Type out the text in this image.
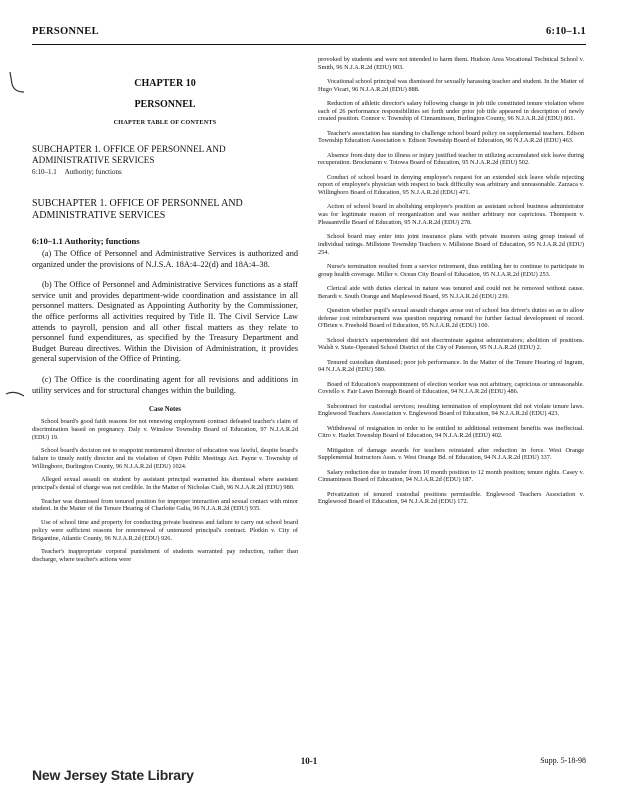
PERSONNEL	6:10–1.1
CHAPTER 10
PERSONNEL
CHAPTER TABLE OF CONTENTS
SUBCHAPTER 1. OFFICE OF PERSONNEL AND ADMINISTRATIVE SERVICES
6:10–1.1 Authority; functions
SUBCHAPTER 1. OFFICE OF PERSONNEL AND ADMINISTRATIVE SERVICES
6:10–1.1 Authority; functions

(a) The Office of Personnel and Administrative Services is authorized and organized under the provisions of N.J.S.A. 18A:4–22(d) and 18A:4–38.

(b) The Office of Personnel and Administrative Services functions as a staff service unit and provides department-wide coordination and assistance in all personnel matters. Designated as Appointing Authority by the Commissioner, the office performs all activities required by Title II. The Civil Service Law attends to payroll, pension and all other fiscal matters as they relate to personnel fund expenditures, as specified by the Treasury Department and Budget Bureau directives. Within the Division of Administration, it provides general supervision of the Office of Printing.

(c) The Office is the coordinating agent for all revisions and additions in utility services and for structural changes within the building.

Case Notes

School board's good faith reasons for not renewing employment contract defeated teacher's claim of discrimination based on pregnancy. Daly v. Winslow Township Board of Education, 97 N.J.A.R.2d (EDU) 19.

School board's decision not to reappoint nontenured director of education was lawful, despite board's failure to timely notify director and its violation of Open Public Meetings Act. Payne v. Township of Willingboro, Burlington County, 96 N.J.A.R.2d (EDU) 1024.

Alleged sexual assault on student by assistant principal warranted his dismissal where assistant principal's denial of charge was not credible. In the Matter of Nicholas Ciafi, 96 N.J.A.R.2d (EDU) 980.

Teacher was dismissed from tenured position for improper interaction and sexual contact with minor student. In the Matter of the Tenure Hearing of Charlotte Galia, 96 N.J.A.R.2d (EDU) 935.

Use of school time and property for conducting private business and failure to carry out school board policy were sufficient reasons for nonrenewal of untenured principal's contract. Plotkin v. City of Brigantine, Atlantic County, 96 N.J.A.R.2d (EDU) 926.

Teacher's inappropriate corporal punishment of students warranted pay reduction, rather than discharge, where teacher's actions were

provoked by students and were not intended to harm them. Hudson Area Vocational Technical School v. Smith, 96 N.J.A.R.2d (EDU) 903.

Vocational school principal was dismissed for sexually harassing teacher and student. In the Matter of Hugo Vicari, 96 N.J.A.R.2d (EDU) 888.

Reduction of athletic director's salary following change in job title constituted tenure violation where each of 26 performance responsibilities set forth under prior job title appeared in description of newly created position. Connor v. Township of Cinnaminson, Burlington County, 96 N.J.A.R.2d (EDU) 861.

Teacher's association has standing to challenge school board policy on supplemental teachers. Edison Township Education Association v. Edison Township Board of Education, 96 N.J.A.R.2d (EDU) 463.

Absence from duty due to illness or injury justified teacher in utilizing accumulated sick leave during recuperation. Brockmann v. Totowa Board of Education, 95 N.J.A.R.2d (EDU) 502.

Conduct of school board in denying employee's request for an extended sick leave while rejecting report of employee's physician with respect to back difficulty was arbitrary and unreasonable. Zarzaca v. Willingboro Board of Education, 95 N.J.A.R.2d (EDU) 471.

Action of school board in abolishing employee's position as assistant school business administrator was for legitimate reason of reorganization and was neither arbitrary nor capricious. Thompson v. Pleasantville Board of Education, 95 N.J.A.R.2d (EDU) 278.

School board may enter into joint insurance plans with private insurers using group instead of individual ratings. Millstone Township Teachers v. Millstone Board of Education, 95 N.J.A.R.2d (EDU) 254.

Nurse's termination resulted from a service retirement, thus entitling her to continue to participate in group health coverage. Miller v. Ocean City Board of Education, 95 N.J.A.R.2d (EDU) 253.

Clerical aide with duties clerical in nature was tenured and could not be removed without cause. Berardi v. South Orange and Maplewood Board, 95 N.J.A.R.2d (EDU) 239.

Question whether pupil's sexual assault charges arose out of school bus driver's duties so as to allow defense cost reimbursement was question requiring remand for further factual development of record. O'Brien v. Freehold Board of Education, 95 N.J.A.R.2d (EDU) 100.

School district's superintendent did not discriminate against administrators; abolition of positions. Walsh v. State-Operated School District of the City of Paterson, 95 N.J.A.R.2d (EDU) 2.

Tenured custodian dismissed; poor job performance. In the Matter of the Tenure Hearing of Ingram, 94 N.J.A.R.2d (EDU) 580.

Board of Education's reappointment of election worker was not arbitrary, capricious or unreasonable. Coviello v. Fair Lawn Borough Board of Education, 94 N.J.A.R.2d (EDU) 486.

Subcontract for custodial services; resulting termination of employment did not violate tenure laws. Englewood Teachers Association v. Englewood Board of Education, 94 N.J.A.R.2d (EDU) 423.

Withdrawal of resignation in order to be entitled to additional retirement benefits was ineffectual. Citro v. Hazlet Township Board of Education, 94 N.J.A.R.2d (EDU) 402.

Mitigation of damage awards for teachers reinstated after reduction in force. West Orange Supplemental Instructors Assn. v. West Orange Bd. of Education, 94 N.J.A.R.2d (EDU) 337.

Salary reduction due to transfer from 10 month position to 12 month position; tenure rights. Casey v. Cinnaminson Board of Education, 94 N.J.A.R.2d (EDU) 187.

Privatization of tenured custodial positions permissible. Englewood Teachers Association v. Englewood Board of Education, 94 N.J.A.R.2d (EDU) 172.

10-1	Supp. 5-18-98
New Jersey State Library
